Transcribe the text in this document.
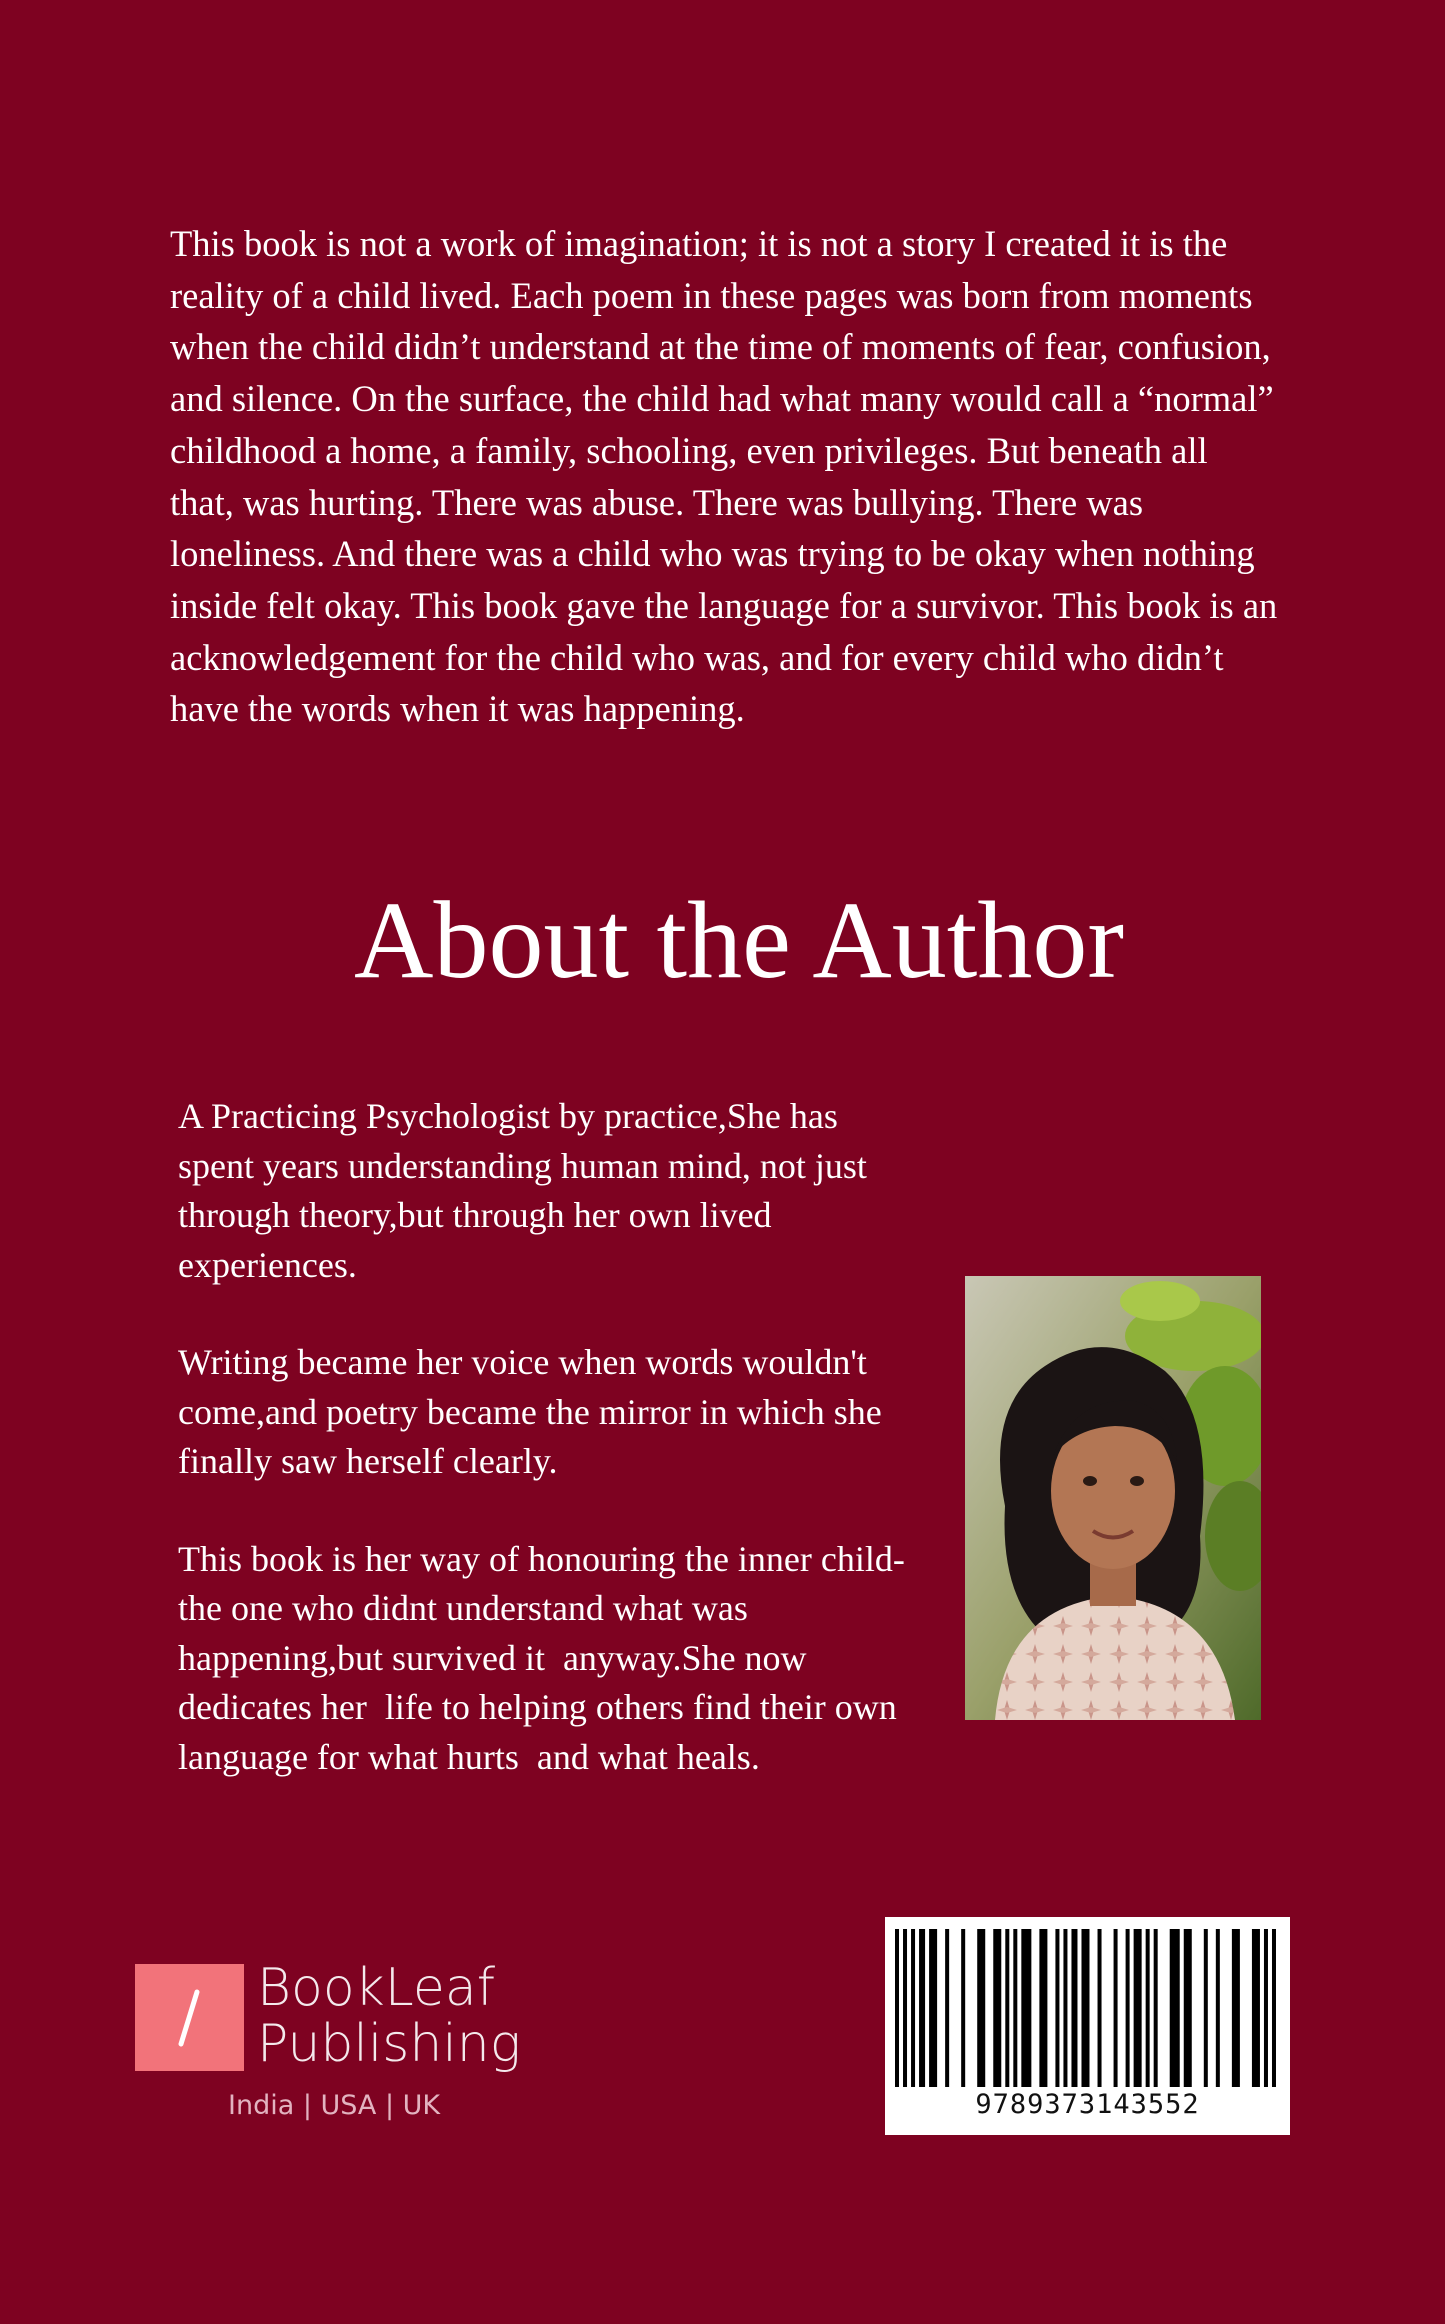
This book is not a work of imagination; it is not a story I created it is the reality of a child lived. Each poem in these pages was born from moments when the child didn’t understand at the time of moments of fear, confusion, and silence. On the surface, the child had what many would call a “normal” childhood a home, a family, schooling, even privileges. But beneath all that, was hurting. There was abuse. There was bullying. There was loneliness. And there was a child who was trying to be okay when nothing inside felt okay. This book gave the language for a survivor. This book is an acknowledgement for the child who was, and for every child who didn’t have the words when it was happening.

About the Author

A Practicing Psychologist by practice,She has spent years understanding human mind, not just through theory,but through her own lived experiences.

Writing became her voice when words wouldn't come,and poetry became the mirror in which she finally saw herself clearly.

This book is her way of honouring the inner child-the one who didnt understand what was happening,but survived it  anyway.She now dedicates her  life to helping others find their own language for what hurts  and what heals.

BookLeaf
Publishing
India | USA | UK	9789373143552
